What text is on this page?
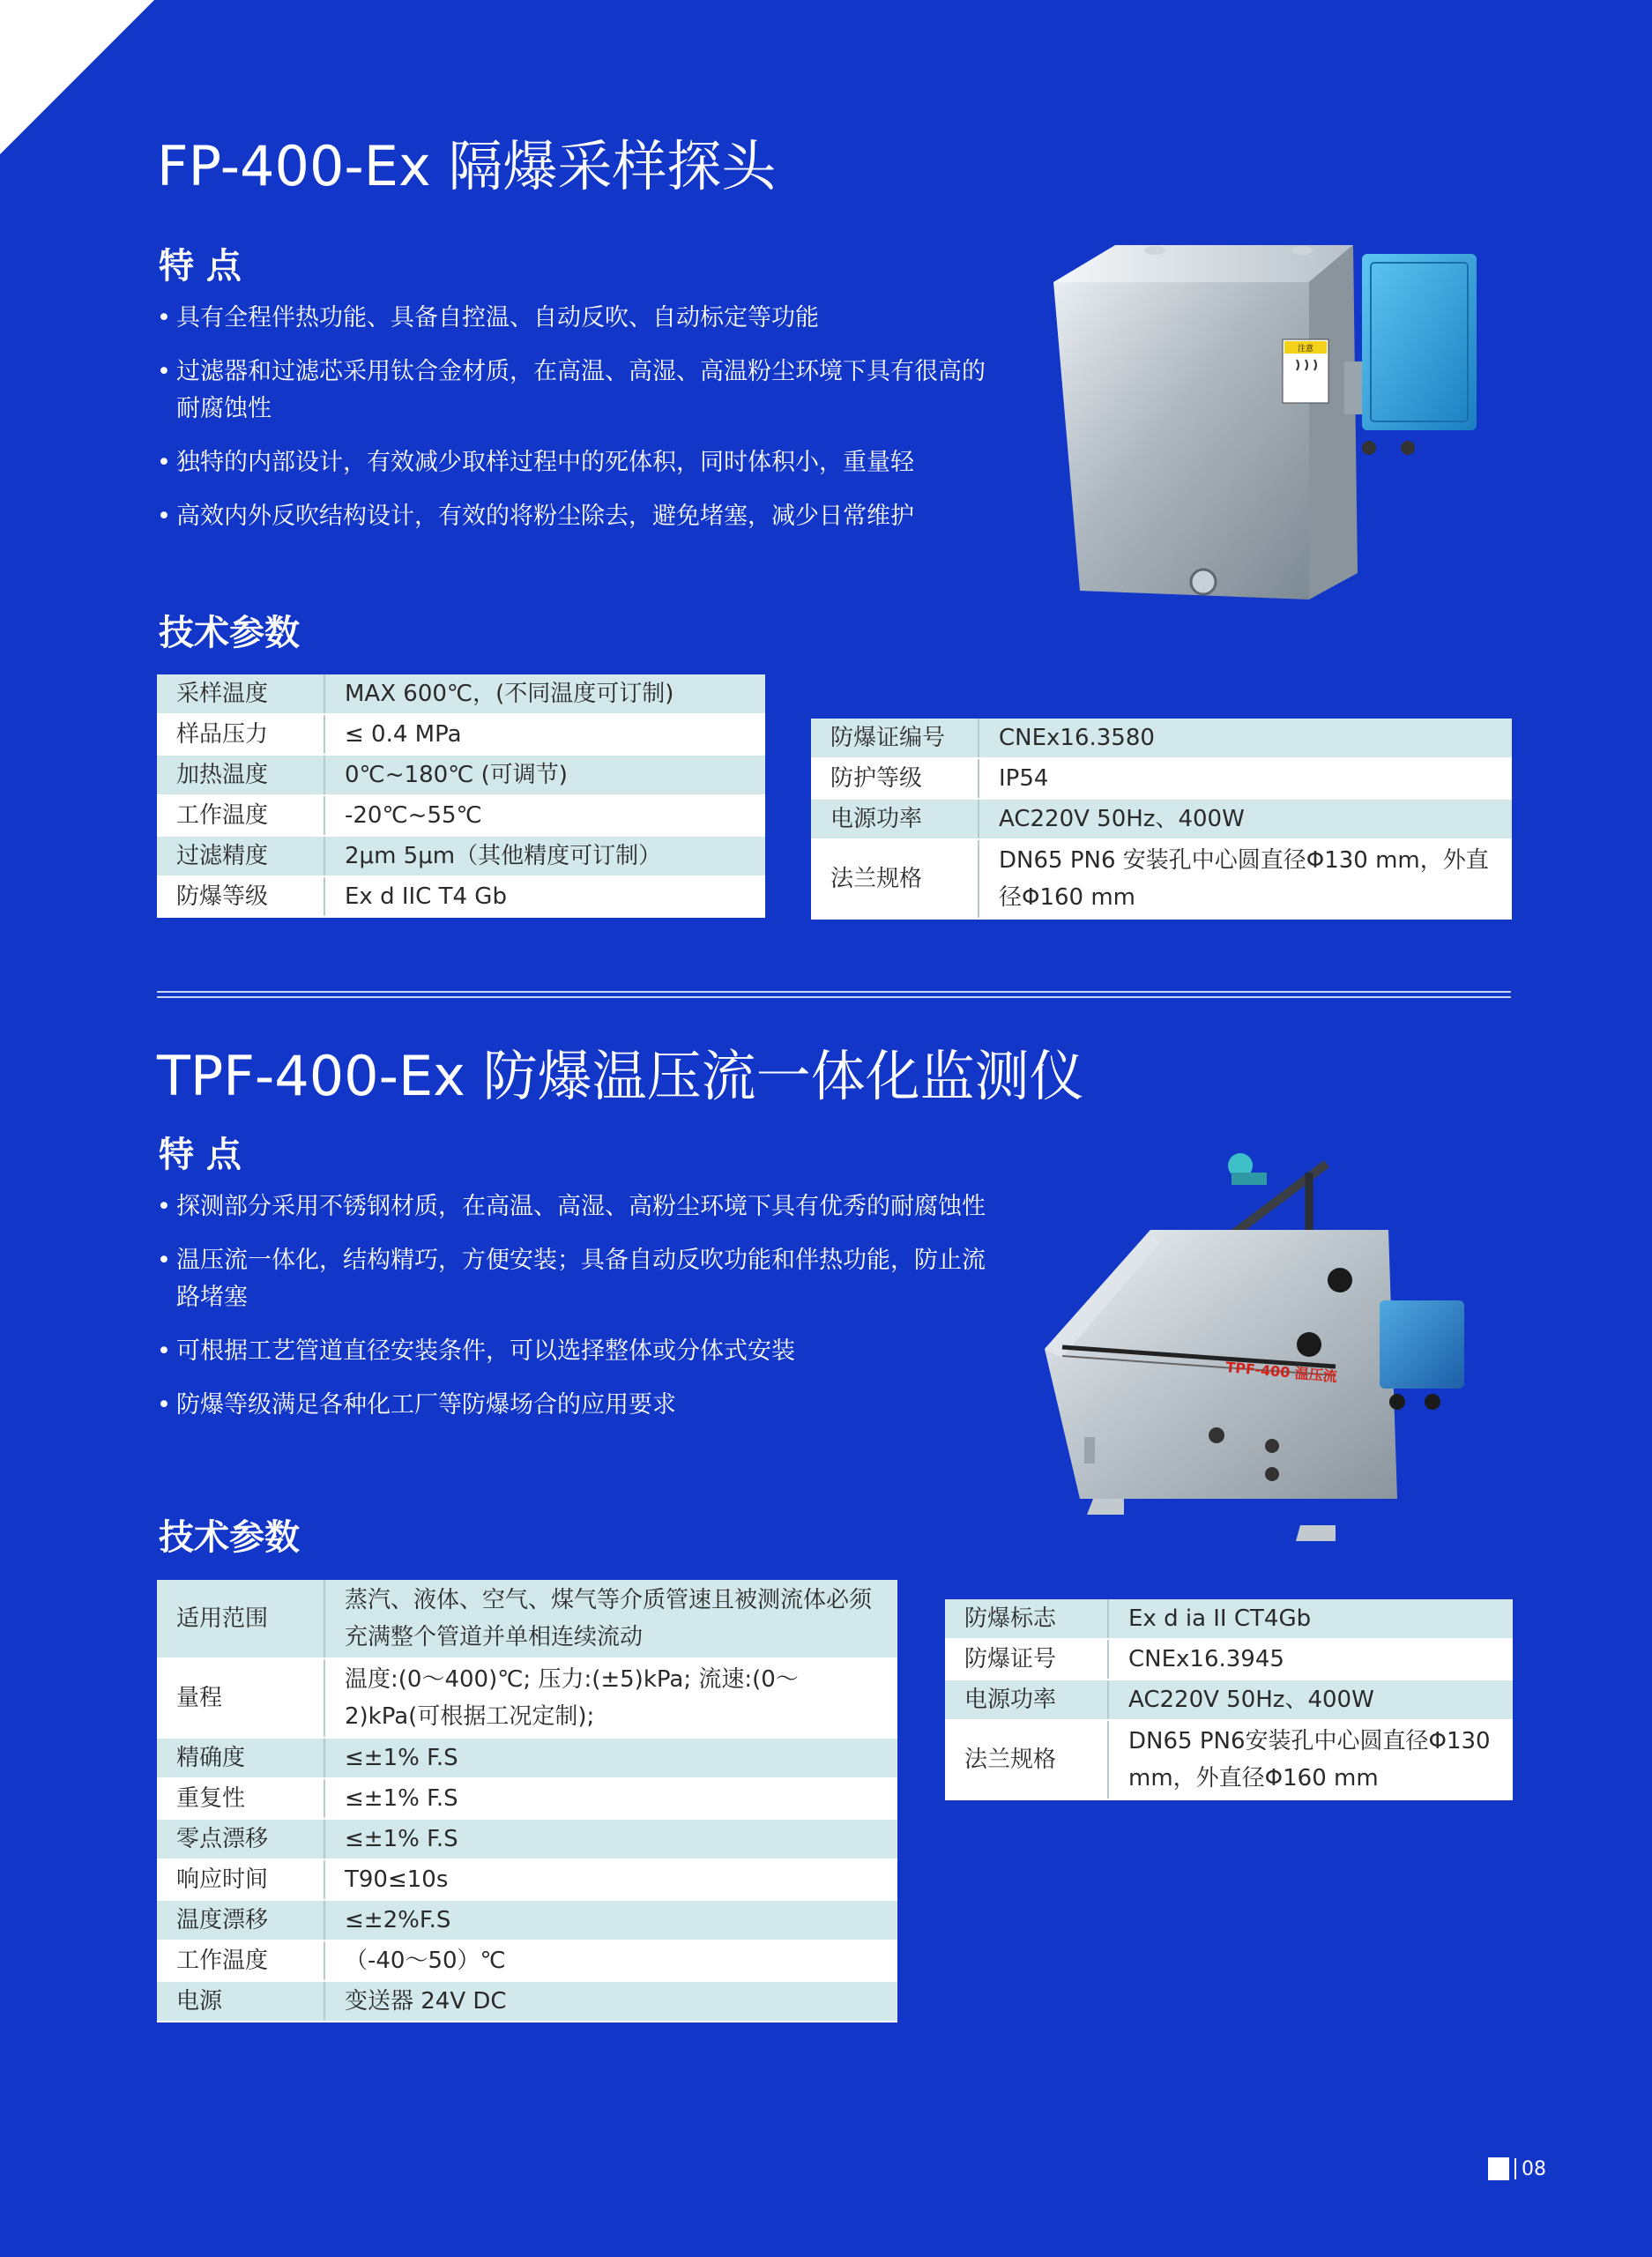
FP-400-Ex 隔爆采样探头
特 点
• 具有全程伴热功能、具备自控温、自动反吹、自动标定等功能
• 过滤器和过滤芯采用钛合金材质，在高温、高湿、高温粉尘环境下具有很高的耐腐蚀性
• 独特的内部设计，有效减少取样过程中的死体积，同时体积小，重量轻
• 高效内外反吹结构设计，有效的将粉尘除去，避免堵塞，减少日常维护
注意
技术参数
采样温度	MAX 600℃，(不同温度可订制)
样品压力	≤ 0.4 MPa
加热温度	0℃~180℃ (可调节)
工作温度	-20℃~55℃
过滤精度	2μm 5μm（其他精度可订制）
防爆等级	Ex d IIC T4 Gb
防爆证编号	CNEx16.3580
防护等级	IP54
电源功率	AC220V 50Hz、400W
法兰规格	DN65 PN6 安装孔中心圆直径Φ130 mm，外直径Φ160 mm
TPF-400-Ex 防爆温压流一体化监测仪
特 点
• 探测部分采用不锈钢材质，在高温、高湿、高粉尘环境下具有优秀的耐腐蚀性
• 温压流一体化，结构精巧，方便安装；具备自动反吹功能和伴热功能，防止流路堵塞
• 可根据工艺管道直径安装条件，可以选择整体或分体式安装
• 防爆等级满足各种化工厂等防爆场合的应用要求
TPF-400 温压流
技术参数
适用范围	蒸汽、液体、空气、煤气等介质管速且被测流体必须充满整个管道并单相连续流动
量程	温度:(0～400)℃; 压力:(±5)kPa; 流速:(0～2)kPa(可根据工况定制);
精确度	≤±1% F.S
重复性	≤±1% F.S
零点漂移	≤±1% F.S
响应时间	T90≤10s
温度漂移	≤±2%F.S
工作温度	（-40～50）℃
电源	变送器 24V DC
防爆标志	Ex d ia II CT4Gb
防爆证号	CNEx16.3945
电源功率	AC220V 50Hz、400W
法兰规格	DN65 PN6安装孔中心圆直径Φ130 mm，外直径Φ160 mm
08
